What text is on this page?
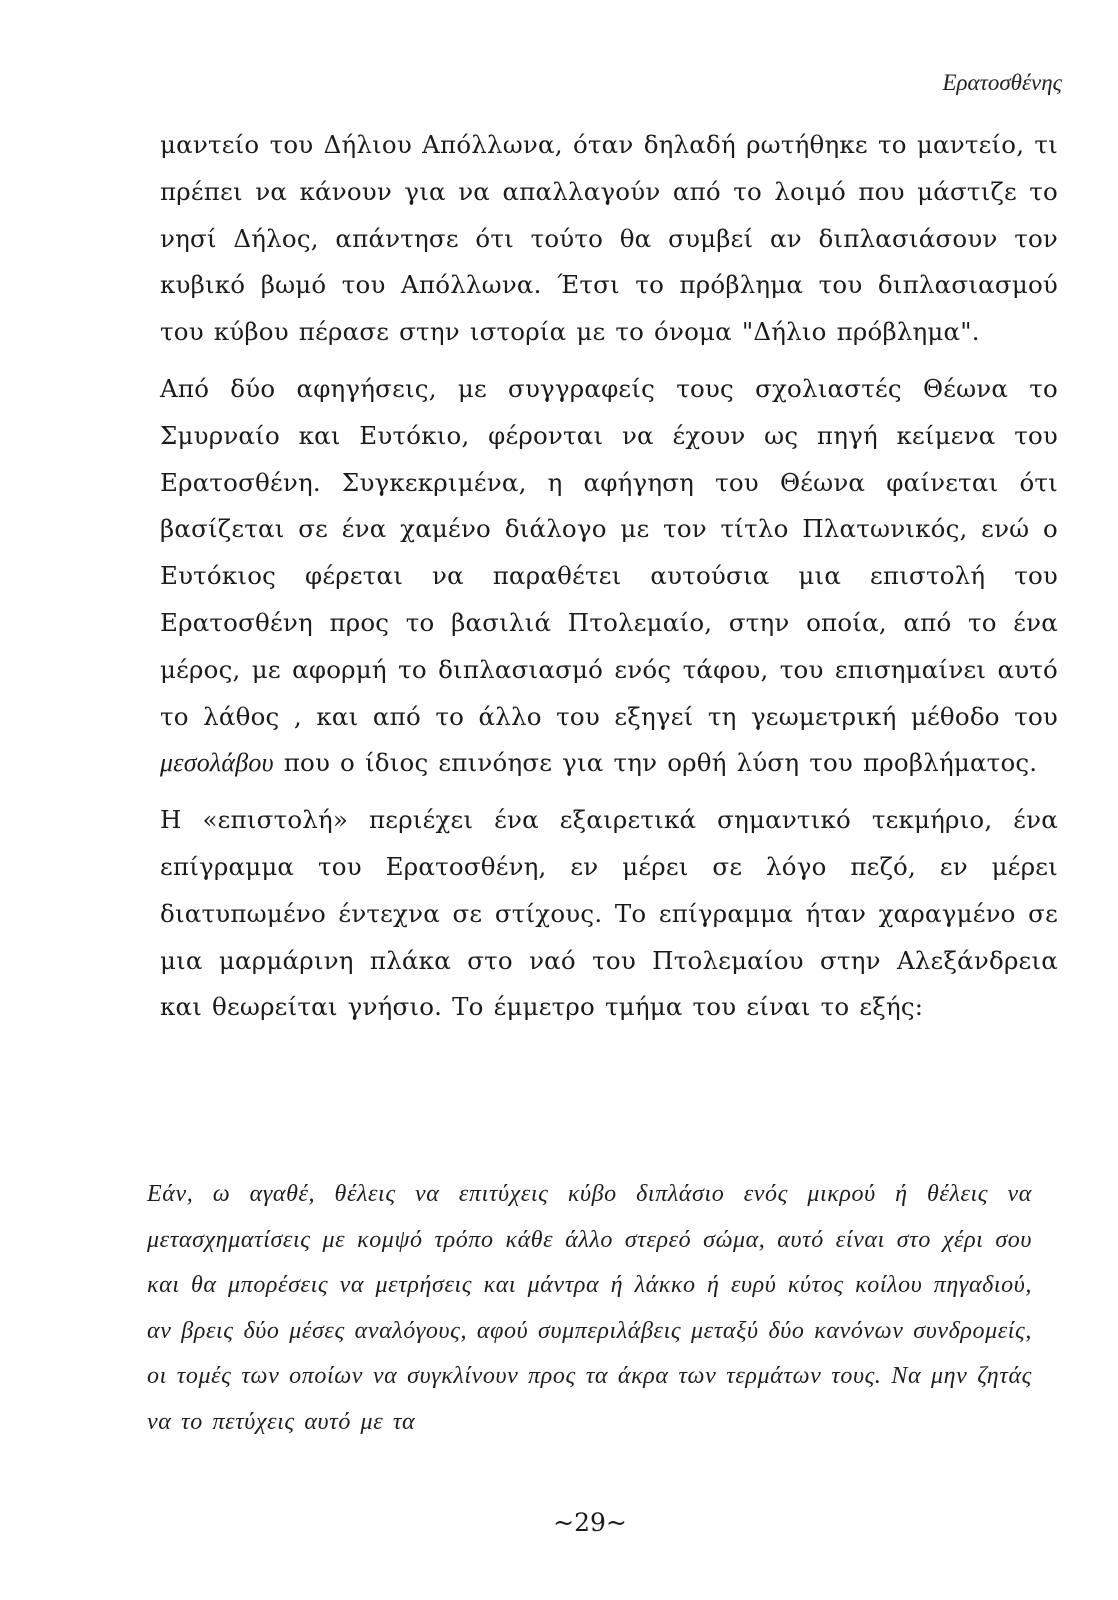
Ερατοσθένης

μαντείο του Δήλιου Απόλλωνα, όταν δηλαδή ρωτήθηκε το μαντείο, τι πρέπει να κάνουν για να απαλλαγούν από το λοιμό που μάστιζε το νησί Δήλος, απάντησε ότι τούτο θα συμβεί αν διπλασιάσουν τον κυβικό βωμό του Απόλλωνα. Έτσι το πρόβλημα του διπλασιασμού του κύβου πέρασε στην ιστορία με το όνομα "Δήλιο πρόβλημα".

Από δύο αφηγήσεις, με συγγραφείς τους σχολιαστές Θέωνα το Σμυρναίο και Ευτόκιο, φέρονται να έχουν ως πηγή κείμενα του Ερατοσθένη. Συγκεκριμένα, η αφήγηση του Θέωνα φαίνεται ότι βασίζεται σε ένα χαμένο διάλογο με τον τίτλο Πλατωνικός, ενώ ο Ευτόκιος φέρεται να παραθέτει αυτούσια μια επιστολή του Ερατοσθένη προς το βασιλιά Πτολεμαίο, στην οποία, από το ένα μέρος, με αφορμή το διπλασιασμό ενός τάφου, του επισημαίνει αυτό το λάθος , και από το άλλο του εξηγεί τη γεωμετρική μέθοδο του μεσολάβου που ο ίδιος επινόησε για την ορθή λύση του προβλήματος.

Η «επιστολή» περιέχει ένα εξαιρετικά σημαντικό τεκμήριο, ένα επίγραμμα του Ερατοσθένη, εν μέρει σε λόγο πεζό, εν μέρει διατυπωμένο έντεχνα σε στίχους. Το επίγραμμα ήταν χαραγμένο σε μια μαρμάρινη πλάκα στο ναό του Πτολεμαίου στην Αλεξάνδρεια και θεωρείται γνήσιο. Το έμμετρο τμήμα του είναι το εξής:

Εάν, ω αγαθέ, θέλεις να επιτύχεις κύβο διπλάσιο ενός μικρού ή θέλεις να μετασχηματίσεις με κομψό τρόπο κάθε άλλο στερεό σώμα, αυτό είναι στο χέρι σου και θα μπορέσεις να μετρήσεις και μάντρα ή λάκκο ή ευρύ κύτος κοίλου πηγαδιού, αν βρεις δύο μέσες αναλόγους, αφού συμπεριλάβεις μεταξύ δύο κανόνων συνδρομείς, οι τομές των οποίων να συγκλίνουν προς τα άκρα των τερμάτων τους. Να μην ζητάς να το πετύχεις αυτό με τα

~29~
